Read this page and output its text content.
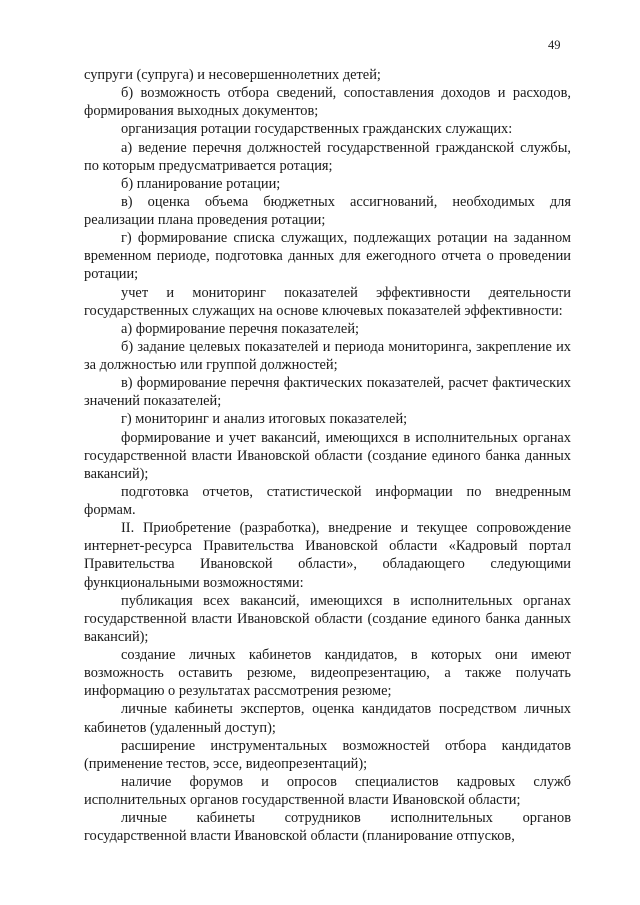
49

супруги (супруга) и несовершеннолетних детей;

б) возможность отбора сведений, сопоставления доходов и расходов, формирования выходных документов;

организация ротации государственных гражданских служащих:

а) ведение перечня должностей государственной гражданской службы, по которым предусматривается ротация;

б) планирование ротации;

в) оценка объема бюджетных ассигнований, необходимых для реализации плана проведения ротации;

г) формирование списка служащих, подлежащих ротации на заданном временном периоде, подготовка данных для ежегодного отчета о проведении ротации;

учет и мониторинг показателей эффективности деятельности государственных служащих на основе ключевых показателей эффективности:

а) формирование перечня показателей;

б) задание целевых показателей и периода мониторинга, закрепление их за должностью или группой должностей;

в) формирование перечня фактических показателей, расчет фактических значений показателей;

г) мониторинг и анализ итоговых показателей;

формирование и учет вакансий, имеющихся в исполнительных органах государственной власти Ивановской области (создание единого банка данных вакансий);

подготовка отчетов, статистической информации по внедренным формам.

II. Приобретение (разработка), внедрение и текущее сопровождение интернет-ресурса Правительства Ивановской области «Кадровый портал Правительства Ивановской области», обладающего следующими функциональными возможностями:

публикация всех вакансий, имеющихся в исполнительных органах государственной власти Ивановской области (создание единого банка данных вакансий);

создание личных кабинетов кандидатов, в которых они имеют возможность оставить резюме, видеопрезентацию, а также получать информацию о результатах рассмотрения резюме;

личные кабинеты экспертов, оценка кандидатов посредством личных кабинетов (удаленный доступ);

расширение инструментальных возможностей отбора кандидатов (применение тестов, эссе, видеопрезентаций);

наличие форумов и опросов специалистов кадровых служб исполнительных органов государственной власти Ивановской области;

личные кабинеты сотрудников исполнительных органов государственной власти Ивановской области (планирование отпусков,
